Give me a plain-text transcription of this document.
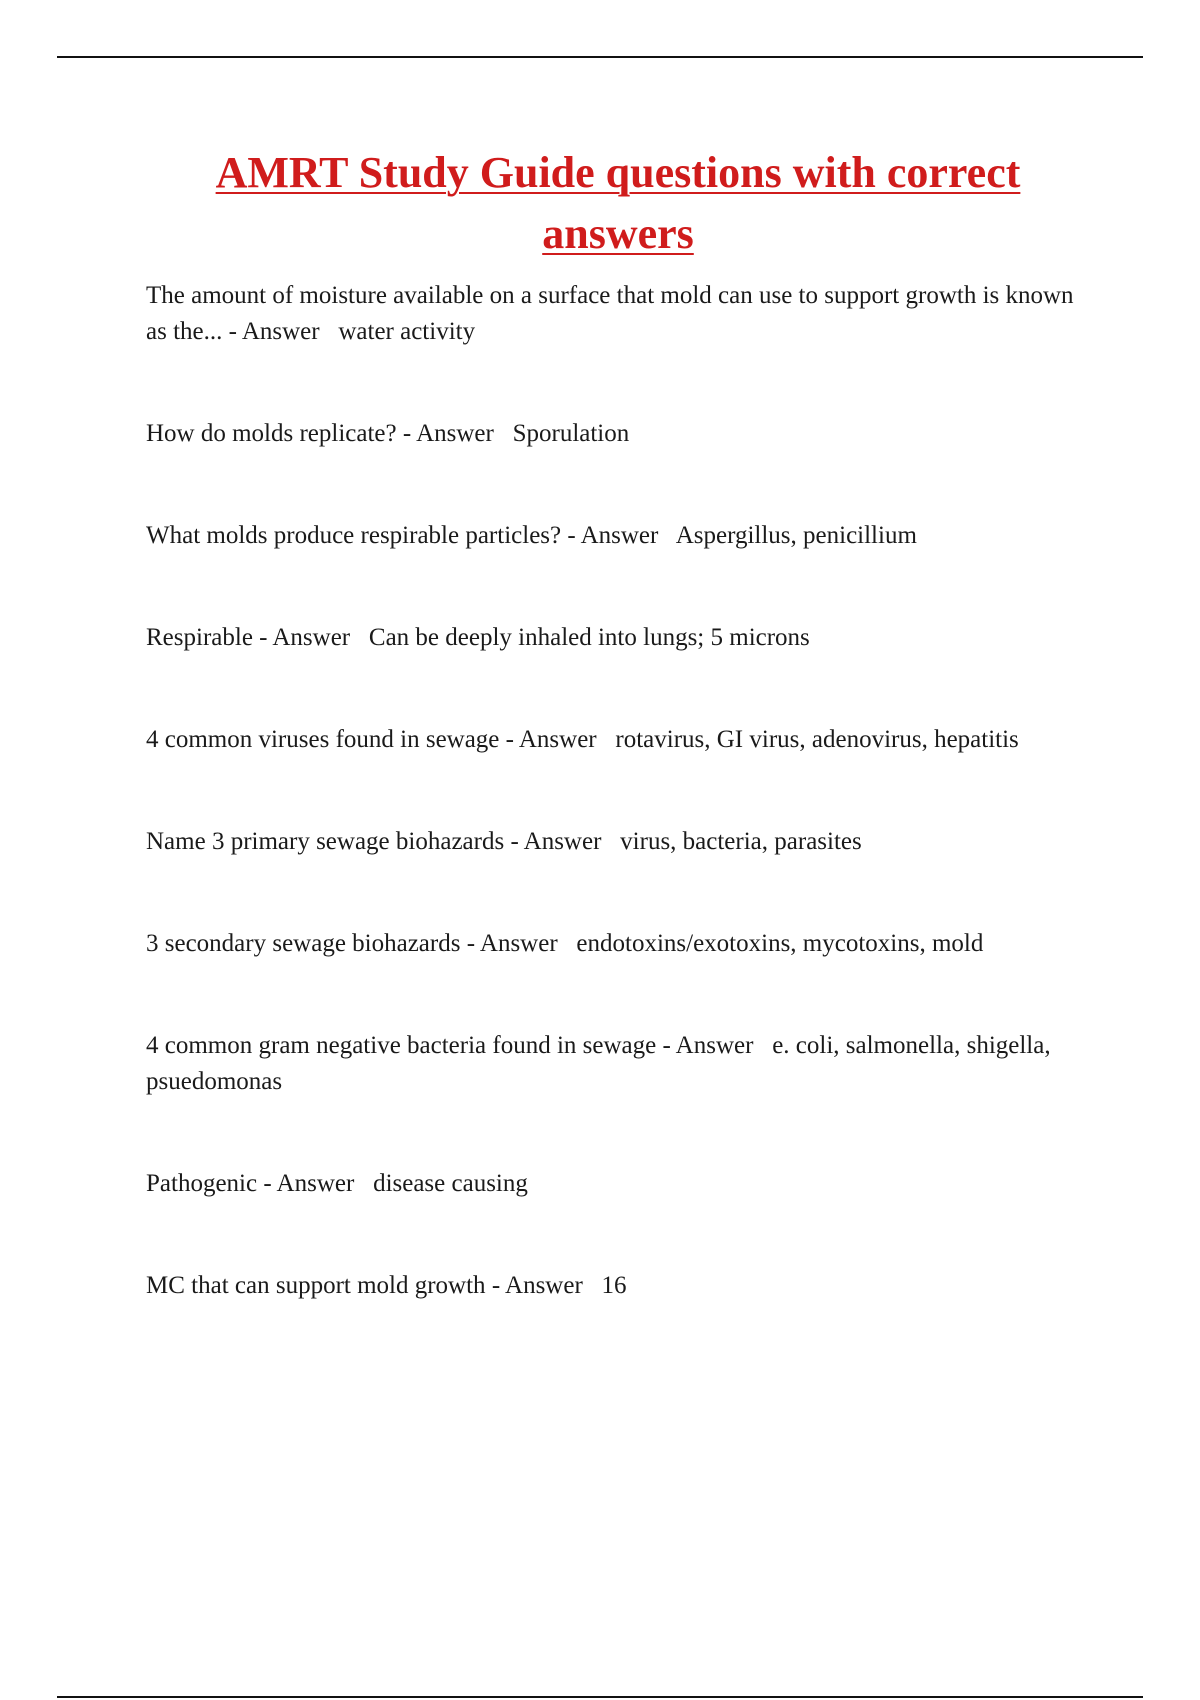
AMRT Study Guide questions with correct answers
The amount of moisture available on a surface that mold can use to support growth is known as the... - Answer   water activity
How do molds replicate? - Answer   Sporulation
What molds produce respirable particles? - Answer   Aspergillus, penicillium
Respirable - Answer   Can be deeply inhaled into lungs; 5 microns
4 common viruses found in sewage - Answer   rotavirus, GI virus, adenovirus, hepatitis
Name 3 primary sewage biohazards - Answer   virus, bacteria, parasites
3 secondary sewage biohazards - Answer   endotoxins/exotoxins, mycotoxins, mold
4 common gram negative bacteria found in sewage - Answer   e. coli, salmonella, shigella, psuedomonas
Pathogenic - Answer   disease causing
MC that can support mold growth - Answer   16
